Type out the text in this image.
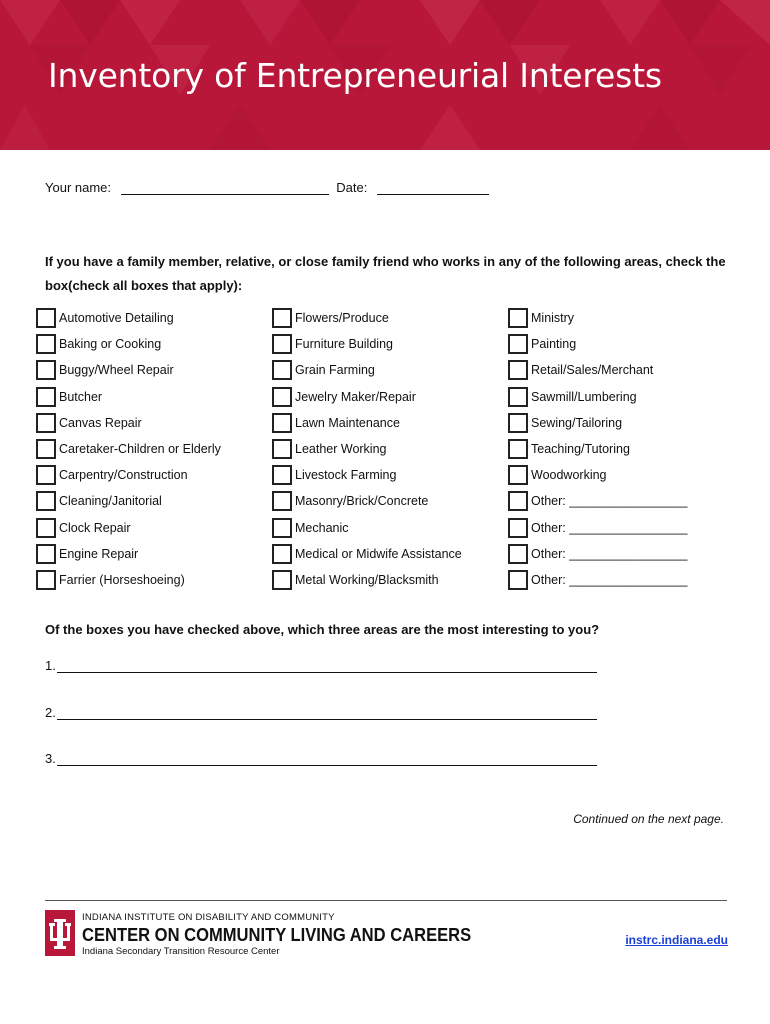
Inventory of Entrepreneurial Interests
Your name:	Date:
If you have a family member, relative, or close family friend who works in any of the following areas, check the box(check all boxes that apply):
Automotive Detailing
Baking or Cooking
Buggy/Wheel Repair
Butcher
Canvas Repair
Caretaker-Children or Elderly
Carpentry/Construction
Cleaning/Janitorial
Clock Repair
Engine Repair
Farrier (Horseshoeing)
Flowers/Produce
Furniture Building
Grain Farming
Jewelry Maker/Repair
Lawn Maintenance
Leather Working
Livestock Farming
Masonry/Brick/Concrete
Mechanic
Medical or Midwife Assistance
Metal Working/Blacksmith
Ministry
Painting
Retail/Sales/Merchant
Sawmill/Lumbering
Sewing/Tailoring
Teaching/Tutoring
Woodworking
Other: _________________
Other: _________________
Other: _________________
Other: _________________
Of the boxes you have checked above, which three areas are the most interesting to you?
1.
2.
3.
Continued on the next page.
INDIANA INSTITUTE ON DISABILITY AND COMMUNITY
CENTER ON COMMUNITY LIVING AND CAREERS
Indiana Secondary Transition Resource Center
instrc.indiana.edu
